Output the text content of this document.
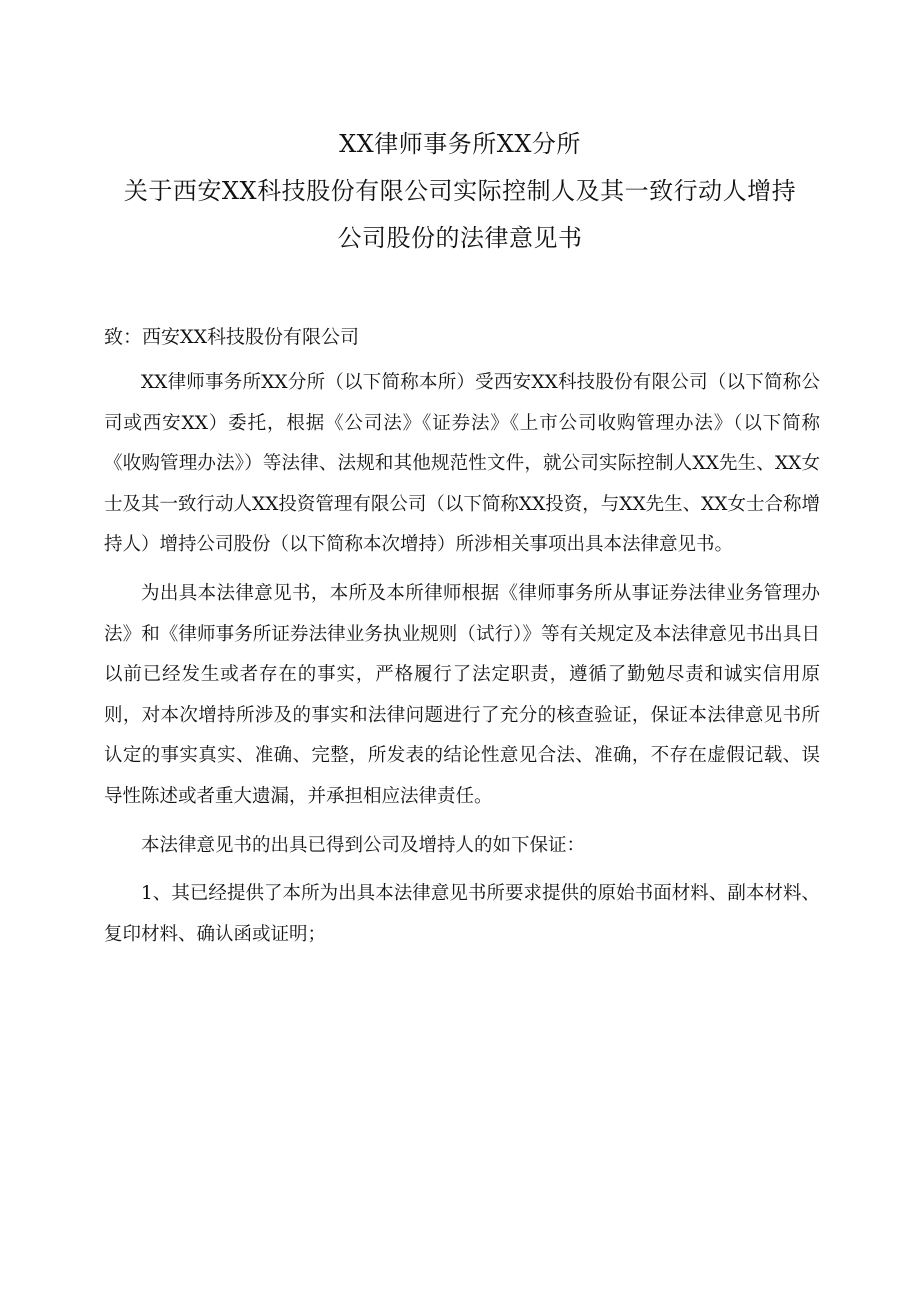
XX律师事务所XX分所
关于西安XX科技股份有限公司实际控制人及其一致行动人增持
公司股份的法律意见书
致：西安XX科技股份有限公司

XX律师事务所XX分所（以下简称本所）受西安XX科技股份有限公司（以下简称公司或西安XX）委托，根据《公司法》《证券法》《上市公司收购管理办法》（以下简称《收购管理办法》）等法律、法规和其他规范性文件，就公司实际控制人XX先生、XX女士及其一致行动人XX投资管理有限公司（以下简称XX投资，与XX先生、XX女士合称增持人）增持公司股份（以下简称本次增持）所涉相关事项出具本法律意见书。

为出具本法律意见书，本所及本所律师根据《律师事务所从事证券法律业务管理办法》和《律师事务所证券法律业务执业规则（试行）》等有关规定及本法律意见书出具日以前已经发生或者存在的事实，严格履行了法定职责，遵循了勤勉尽责和诚实信用原则，对本次增持所涉及的事实和法律问题进行了充分的核查验证，保证本法律意见书所认定的事实真实、准确、完整，所发表的结论性意见合法、准确，不存在虚假记载、误导性陈述或者重大遗漏，并承担相应法律责任。

本法律意见书的出具已得到公司及增持人的如下保证：

1、其已经提供了本所为出具本法律意见书所要求提供的原始书面材料、副本材料、复印材料、确认函或证明；
